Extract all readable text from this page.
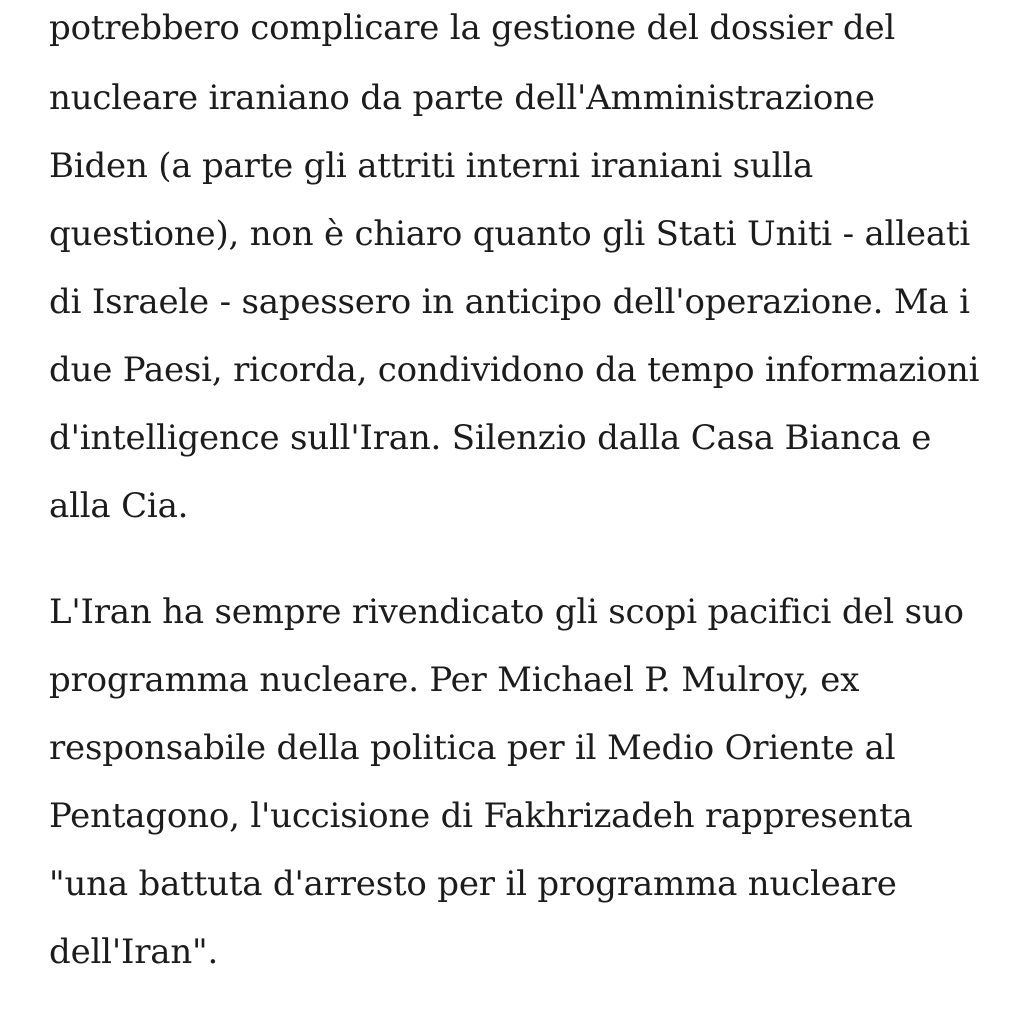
potrebbero complicare la gestione del dossier del
nucleare iraniano da parte dell'Amministrazione
Biden (a parte gli attriti interni iraniani sulla
questione), non è chiaro quanto gli Stati Uniti - alleati
di Israele - sapessero in anticipo dell'operazione. Ma i
due Paesi, ricorda, condividono da tempo informazioni
d'intelligence sull'Iran. Silenzio dalla Casa Bianca e
alla Cia.
L'Iran ha sempre rivendicato gli scopi pacifici del suo
programma nucleare. Per Michael P. Mulroy, ex
responsabile della politica per il Medio Oriente al
Pentagono, l'uccisione di Fakhrizadeh rappresenta
"una battuta d'arresto per il programma nucleare
dell'Iran".
